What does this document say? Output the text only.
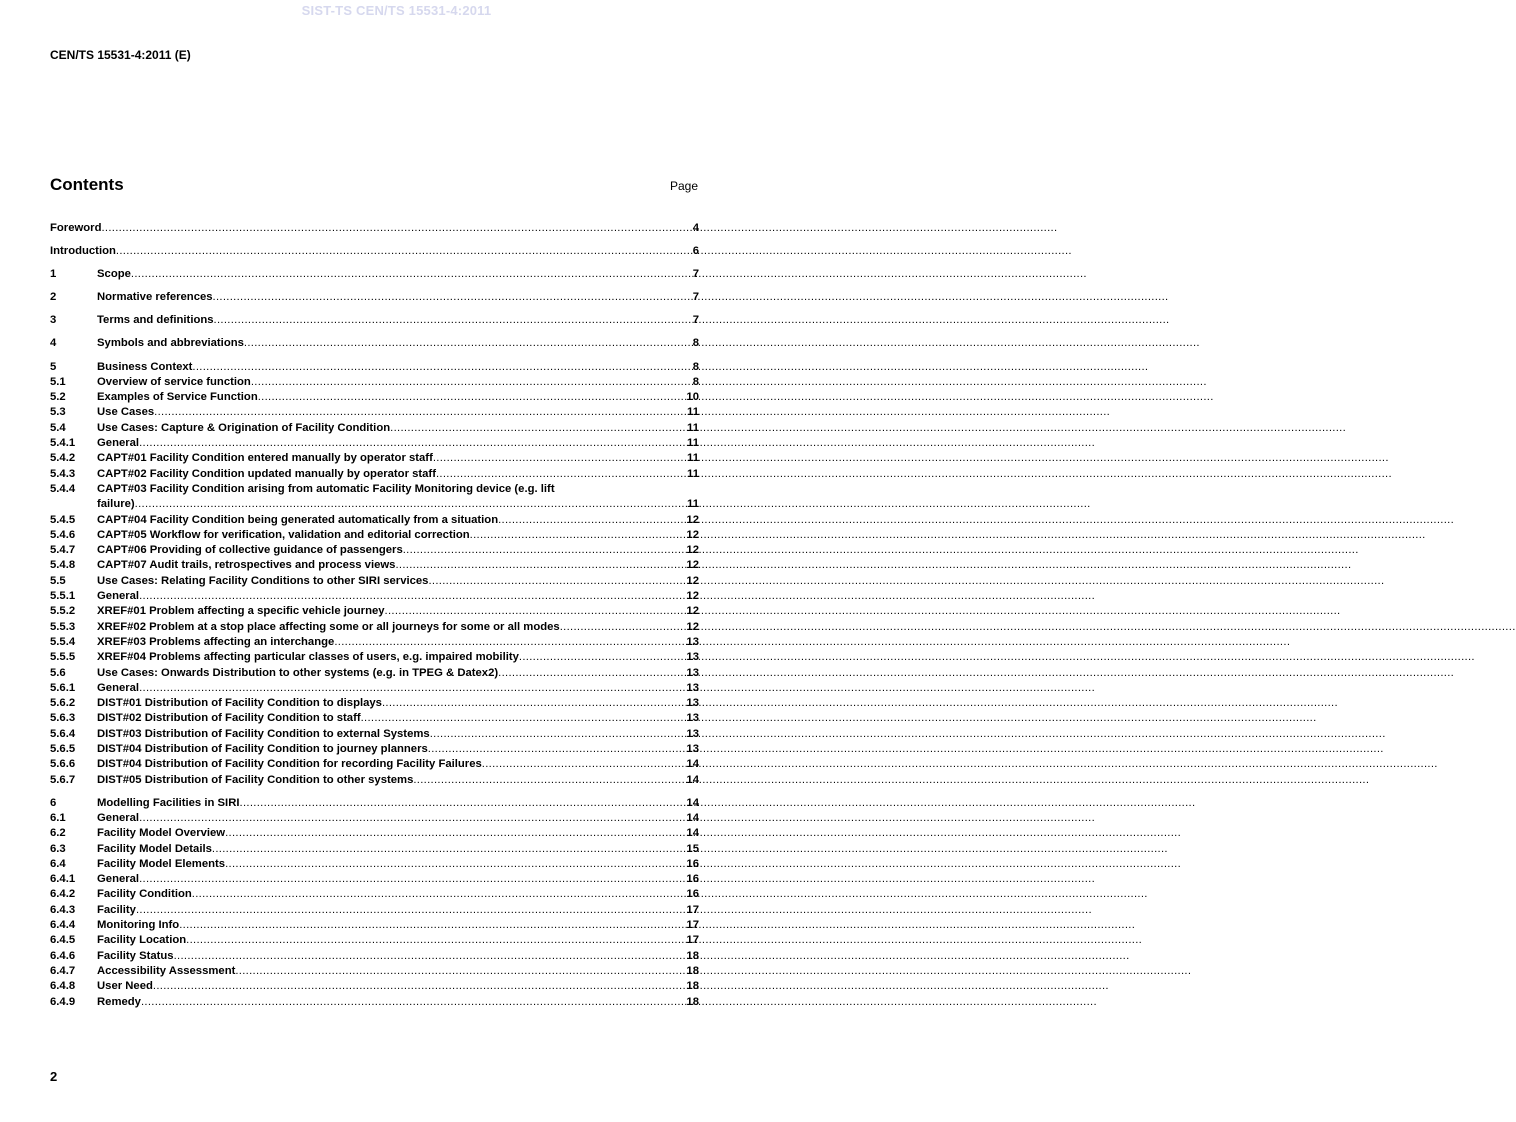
SIST-TS CEN/TS 15531-4:2011
CEN/TS 15531-4:2011 (E)
Contents	Page
Foreword .....	4
Introduction .....	6
1	Scope .....	7
2	Normative references .....	7
3	Terms and definitions .....	7
4	Symbols and abbreviations .....	8
5	Business Context .....	8
5.1	Overview of service function .....	8
5.2	Examples of Service Function .....	10
5.3	Use Cases .....	11
5.4	Use Cases: Capture & Origination of Facility Condition .....	11
5.4.1	General .....	11
5.4.2	CAPT#01 Facility Condition entered manually by operator staff .....	11
5.4.3	CAPT#02 Facility Condition updated manually by operator staff .....	11
5.4.4	CAPT#03 Facility Condition arising from automatic Facility Monitoring device (e.g. lift
failure) .....	11
5.4.5	CAPT#04 Facility Condition being generated automatically from a situation .....	12
5.4.6	CAPT#05 Workflow for verification, validation and editorial correction .....	12
5.4.7	CAPT#06 Providing of collective guidance of passengers .....	12
5.4.8	CAPT#07 Audit trails, retrospectives and process views .....	12
5.5	Use Cases: Relating Facility Conditions to other SIRI services .....	12
5.5.1	General .....	12
5.5.2	XREF#01 Problem affecting a specific vehicle journey .....	12
5.5.3	XREF#02 Problem at a stop place affecting some or all journeys for some or all modes .....	12
5.5.4	XREF#03 Problems affecting an interchange .....	13
5.5.5	XREF#04 Problems affecting particular classes of users, e.g. impaired mobility .....	13
5.6	Use Cases: Onwards Distribution to other systems (e.g. in TPEG & Datex2) .....	13
5.6.1	General .....	13
5.6.2	DIST#01 Distribution of Facility Condition to displays .....	13
5.6.3	DIST#02 Distribution of Facility Condition to staff .....	13
5.6.4	DIST#03 Distribution of Facility Condition to external Systems .....	13
5.6.5	DIST#04 Distribution of Facility Condition to journey planners .....	13
5.6.6	DIST#04 Distribution of Facility Condition for recording Facility Failures .....	14
5.6.7	DIST#05 Distribution of Facility Condition to other systems .....	14
6	Modelling Facilities in SIRI .....	14
6.1	General .....	14
6.2	Facility Model Overview .....	14
6.3	Facility Model Details .....	15
6.4	Facility Model Elements .....	16
6.4.1	General .....	16
6.4.2	Facility Condition .....	16
6.4.3	Facility .....	17
6.4.4	Monitoring Info .....	17
6.4.5	Facility Location .....	17
6.4.6	Facility Status .....	18
6.4.7	Accessibility Assessment .....	18
6.4.8	User Need .....	18
6.4.9	Remedy .....	18
2
